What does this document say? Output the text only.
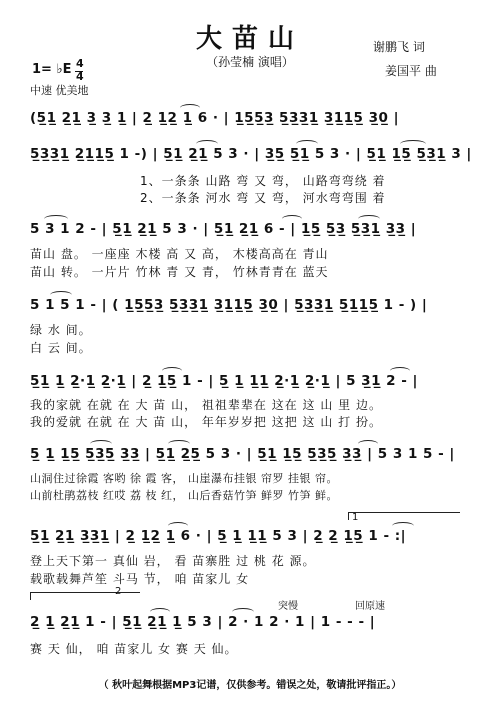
大苗山
（孙莹楠 演唱）
谢鹏飞 词
姜国平 曲
1= ♭E 4
4
中速 优美地
(5̲1̲ 2̲1̲ 3̲ 3̲ 1̲ | 2̲ 1̲2̲ 1̲ 6 · | 1̲5̲5̲3̲ 5̲3̲3̲1̲ 3̲1̲1̲5̲ 3̲0̲ |
5̲3̲3̲1̲ 2̲1̲1̲5̲ 1 -) | 5̲1̲ 2̲1̲ 5 3 · | 3̲5̲ 5̲1̲ 5 3 · | 5̲1̲ 1̲5̲ 5̲3̲1̲ 3 |
1、一条条 山路 弯 又 弯， 山路弯弯绕 着
2、一条条 河水 弯 又 弯， 河水弯弯围 着
5 3 1 2 - | 5̲1̲ 2̲1̲ 5 3 · | 5̲1̲ 2̲1̲ 6 - | 1̲5̲ 5̲3̲ 5̲3̲1̲ 3̲3̲ |
苗山 盘。 一座座 木楼 高 又 高， 木楼高高在 青山
苗山 转。 一片片 竹林 青 又 青， 竹林青青在 蓝天
5 1 5 1 - | ( 1̲5̲5̲3̲ 5̲3̲3̲1̲ 3̲1̲1̲5̲ 3̲0̲ | 5̲3̲3̲1̲ 5̲1̲1̲5̲ 1 - ) |
绿 水 间。
白 云 间。
5̲1̲ 1̲ 2̲·1̲ 2̲·1̲ | 2̲ 1̲5̲ 1 - | 5̲ 1̲ 1̲1̲ 2̲·1̲ 2̲·1̲ | 5 3̲1̲ 2 - |
我的家就 在就 在 大 苗 山， 祖祖辈辈在 这在 这 山 里 边。
我的爱就 在就 在 大 苗 山， 年年岁岁把 这把 这 山 打 扮。
5̲ 1̲ 1̲5̲ 5̲3̲5̲ 3̲3̲ | 5̲1̲ 2̲5̲ 5 3 · | 5̲1̲ 1̲5̲ 5̲3̲5̲ 3̲3̲ | 5 3 1 5 - |
山洞住过徐霞 客哟 徐 霞 客， 山崖瀑布挂银 帘罗 挂银 帘。
山前杜鹃荔枝 红哎 荔 枝 红， 山后香菇竹笋 鲜罗 竹笋 鲜。
1
5̲1̲ 2̲1̲ 3̲3̲1̲ | 2̲ 1̲2̲ 1̲ 6 · | 5̲ 1̲ 1̲1̲ 5 3 | 2̲ 2̲ 1̲5̲ 1 - :|
登上天下第一 真仙 岩， 看 苗寨胜 过 桃 花 源。
载歌载舞芦笙 斗马 节， 咱 苗家儿 女
2
突慢	回原速
2̲ 1̲ 2̲1̲ 1 - | 5̲1̲ 2̲1̲ 1̲ 5 3 | 2 · 1 2 · 1 | 1 - - - |
赛 天 仙， 咱 苗家儿 女 赛 天 仙。
（ 秋叶起舞根据MP3记谱，仅供参考。错误之处，敬请批评指正。）
